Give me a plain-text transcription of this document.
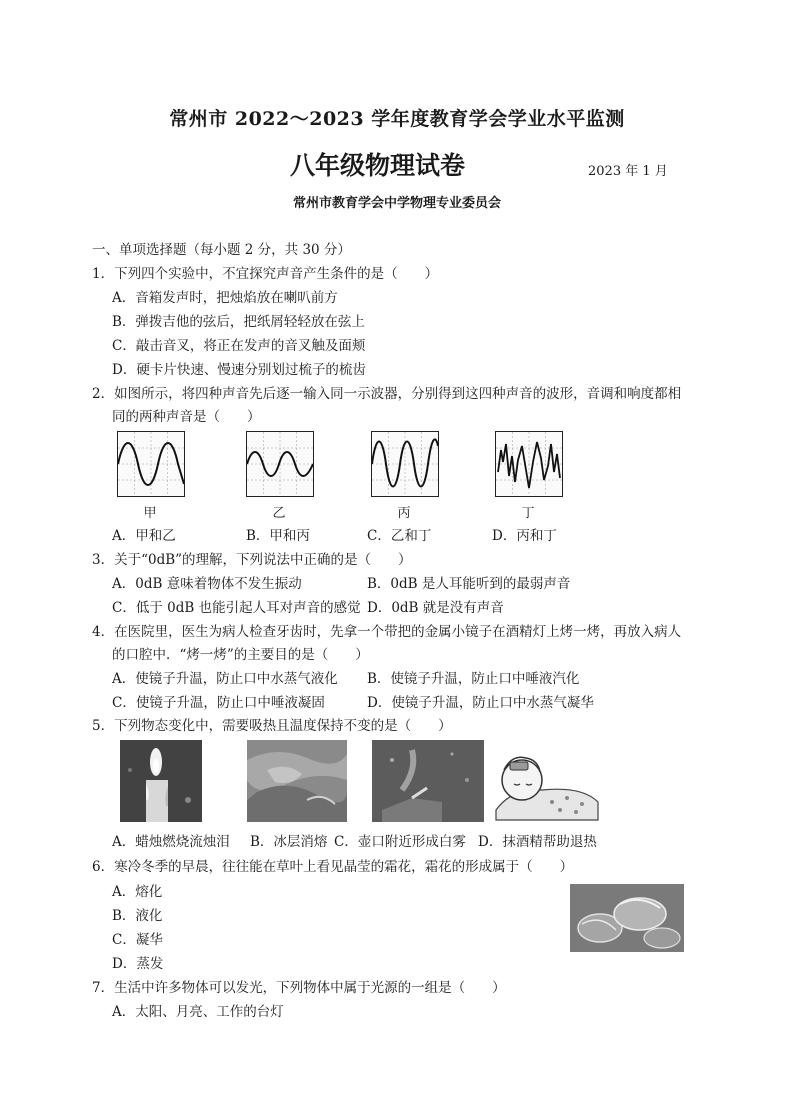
常州市 2022～2023 学年度教育学会学业水平监测
八年级物理试卷	2023 年 1 月
常州市教育学会中学物理专业委员会
一、单项选择题（每小题 2 分，共 30 分）
1．下列四个实验中，不宜探究声音产生条件的是（　　）
A．音箱发声时，把烛焰放在喇叭前方
B．弹拨吉他的弦后，把纸屑轻轻放在弦上
C．敲击音叉，将正在发声的音叉触及面颊
D．硬卡片快速、慢速分别划过梳子的梳齿
2．如图所示，将四种声音先后逐一输入同一示波器，分别得到这四种声音的波形，音调和响度都相
同的两种声音是（　　）
甲	乙	丙	丁
A．甲和乙	B．甲和丙	C．乙和丁	D．丙和丁
3．关于“0dB”的理解，下列说法中正确的是（　　）
A．0dB 意味着物体不发生振动	B．0dB 是人耳能听到的最弱声音
C．低于 0dB 也能引起人耳对声音的感觉 D．0dB 就是没有声音
4．在医院里，医生为病人检查牙齿时，先拿一个带把的金属小镜子在酒精灯上烤一烤，再放入病人
的口腔中．“烤一烤”的主要目的是（　　）
A．使镜子升温，防止口中水蒸气液化 B．使镜子升温，防止口中唾液汽化
C．使镜子升温，防止口中唾液凝固	D．使镜子升温，防止口中水蒸气凝华
5．下列物态变化中，需要吸热且温度保持不变的是（　　）
A．蜡烛燃烧流烛泪 B．冰层消熔 C．壶口附近形成白雾 D．抹酒精帮助退热
6．寒冷冬季的早晨，往往能在草叶上看见晶莹的霜花，霜花的形成属于（　　）
A．熔化
B．液化
C．凝华
D．蒸发
7．生活中许多物体可以发光，下列物体中属于光源的一组是（　　）
A．太阳、月亮、工作的台灯
